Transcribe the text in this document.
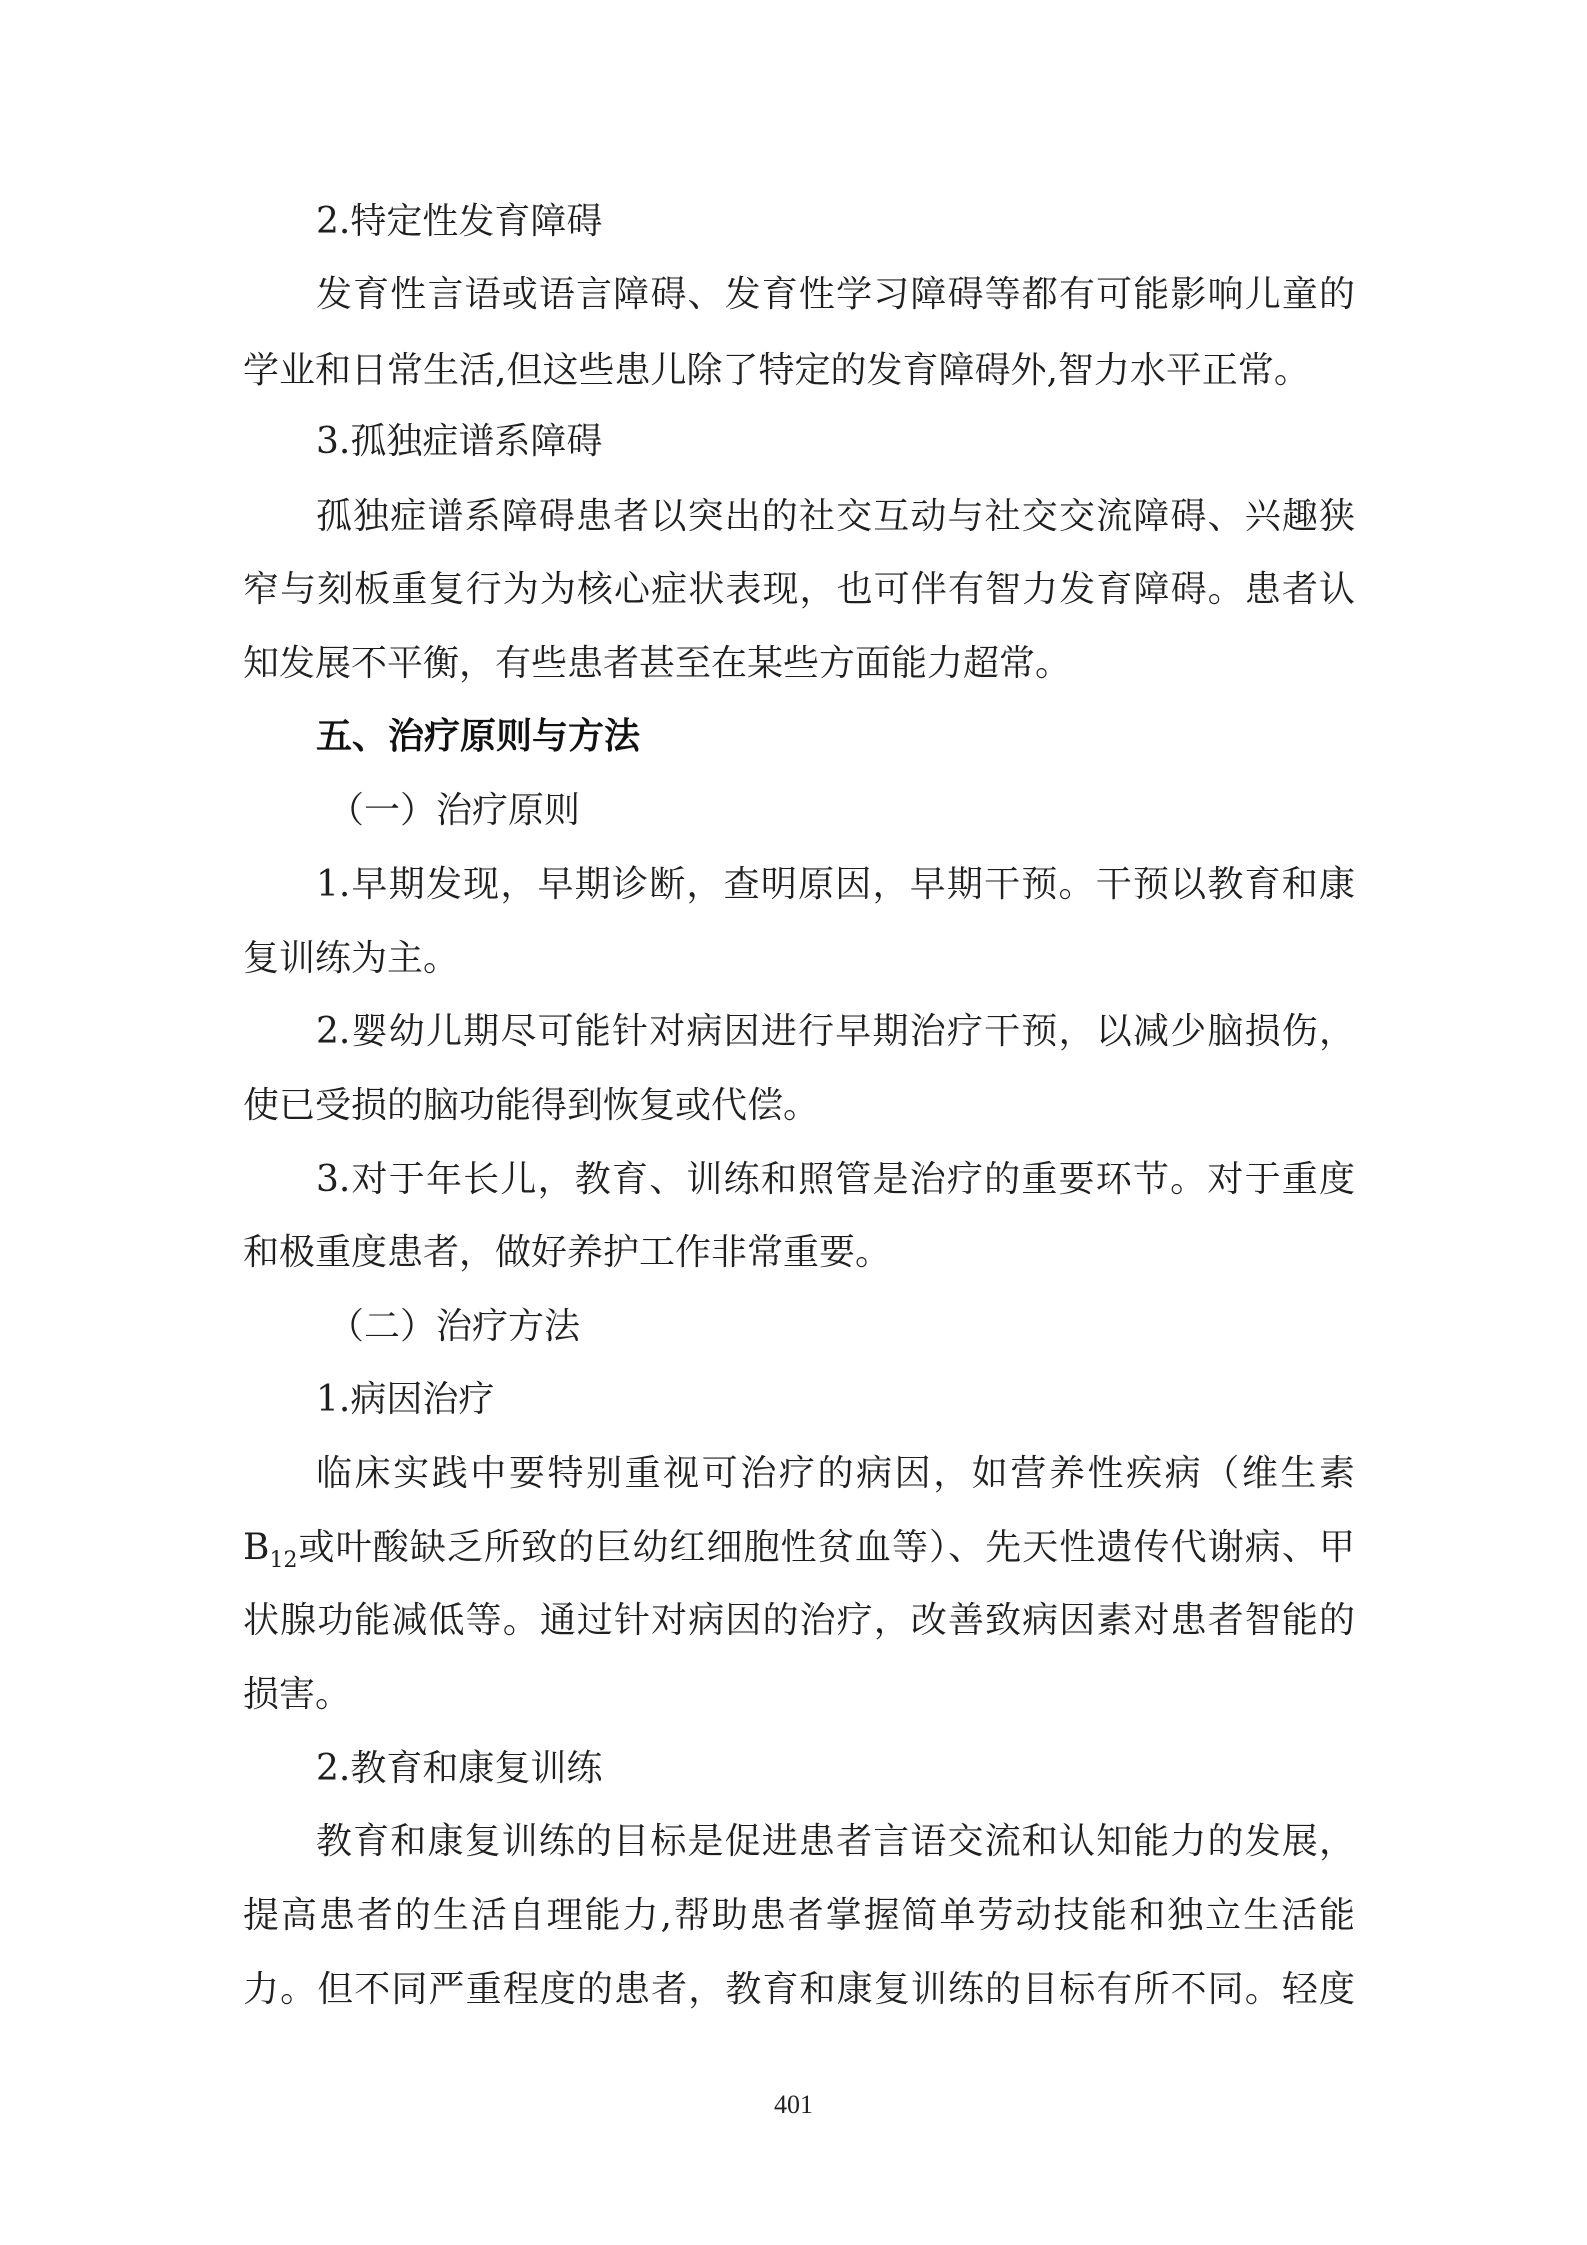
2.特定性发育障碍

发育性言语或语言障碍、发育性学习障碍等都有可能影响儿童的

学业和日常生活,但这些患儿除了特定的发育障碍外,智力水平正常。

3.孤独症谱系障碍

孤独症谱系障碍患者以突出的社交互动与社交交流障碍、兴趣狭

窄与刻板重复行为为核心症状表现，也可伴有智力发育障碍。患者认

知发展不平衡，有些患者甚至在某些方面能力超常。

五、治疗原则与方法

（一）治疗原则

1.早期发现，早期诊断，查明原因，早期干预。干预以教育和康

复训练为主。

2.婴幼儿期尽可能针对病因进行早期治疗干预，以减少脑损伤，

使已受损的脑功能得到恢复或代偿。

3.对于年长儿，教育、训练和照管是治疗的重要环节。对于重度

和极重度患者，做好养护工作非常重要。

（二）治疗方法

1.病因治疗

临床实践中要特别重视可治疗的病因，如营养性疾病（维生素

$B_{12}$或叶酸缺乏所致的巨幼红细胞性贫血等）、先天性遗传代谢病、甲

状腺功能减低等。通过针对病因的治疗，改善致病因素对患者智能的

损害。

2.教育和康复训练

教育和康复训练的目标是促进患者言语交流和认知能力的发展，

提高患者的生活自理能力,帮助患者掌握简单劳动技能和独立生活能

力。但不同严重程度的患者，教育和康复训练的目标有所不同。轻度

401
